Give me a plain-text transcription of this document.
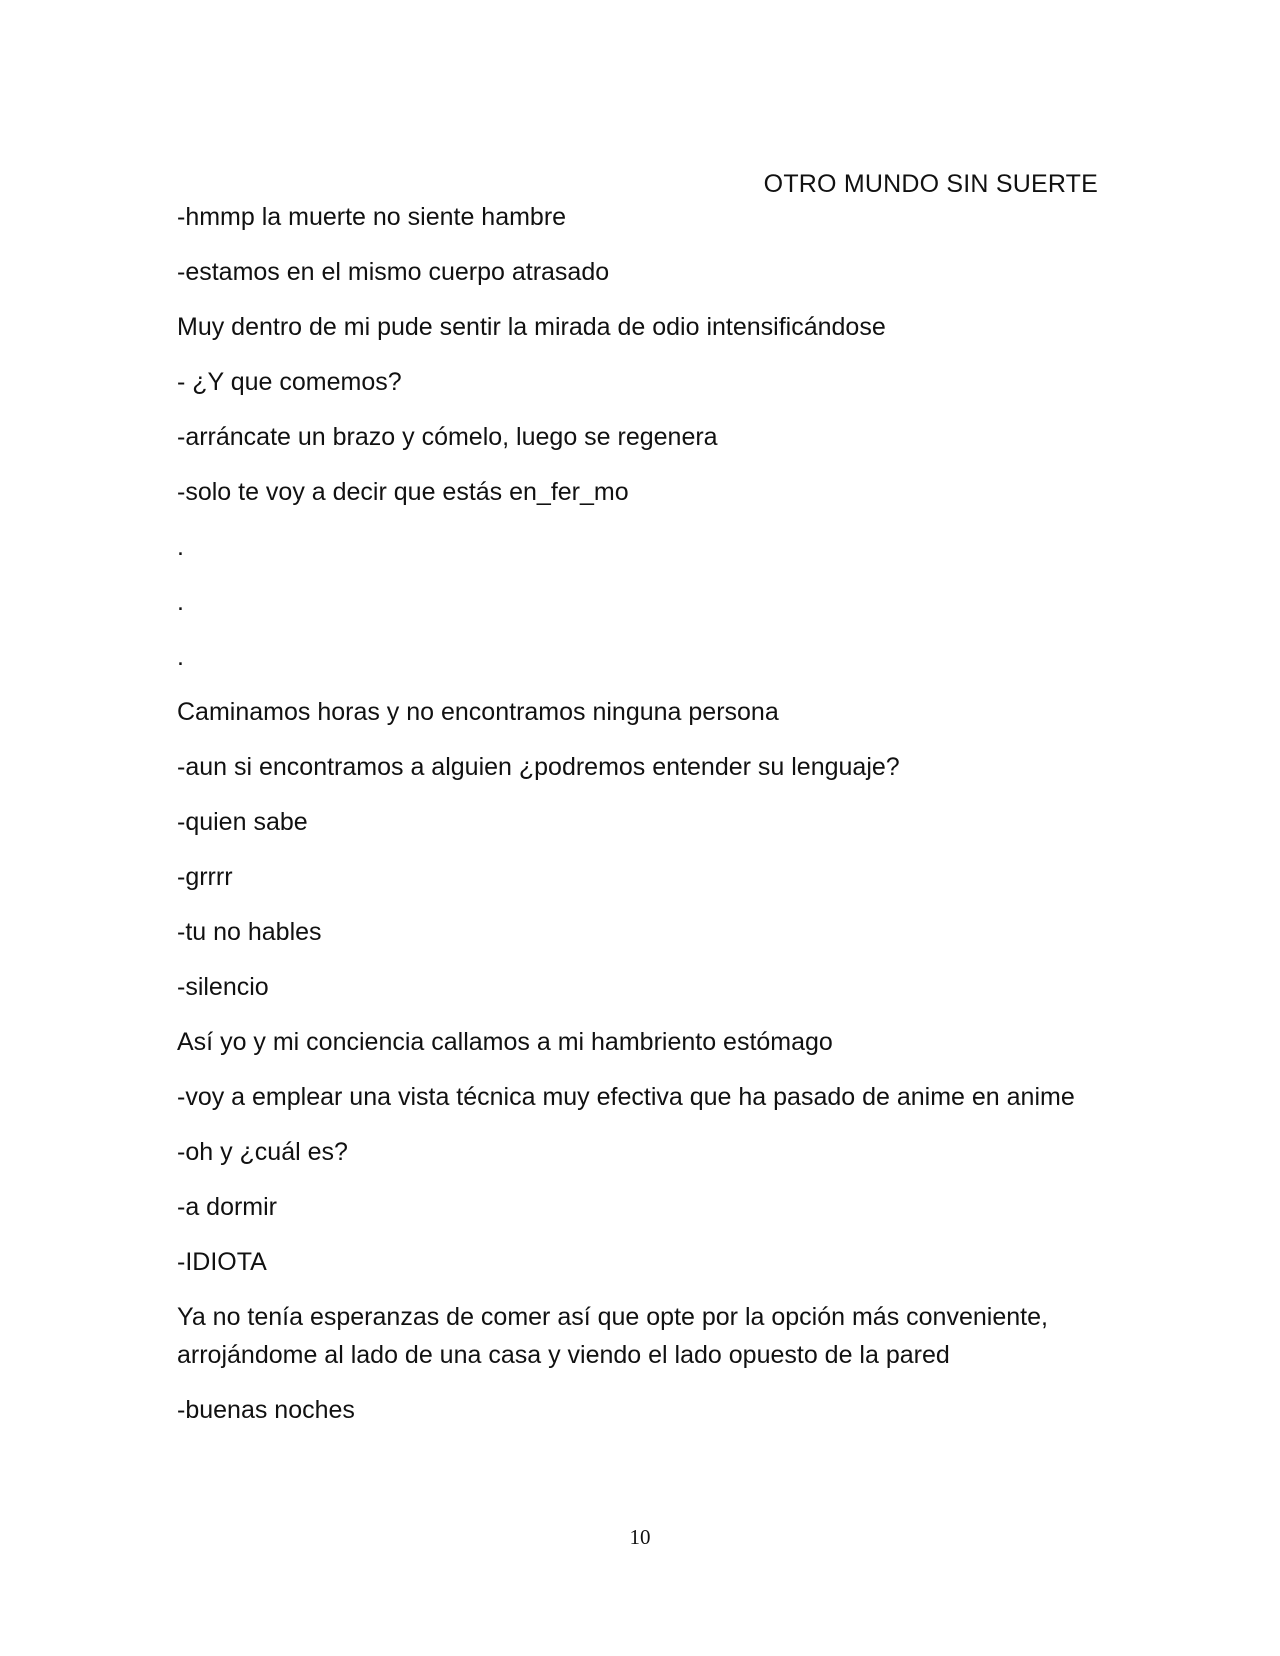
OTRO MUNDO SIN SUERTE

-hmmp la muerte no siente hambre

-estamos en el mismo cuerpo atrasado

Muy dentro de mi pude sentir la mirada de odio intensificándose

- ¿Y que comemos?

-arráncate un brazo y cómelo, luego se regenera

-solo te voy a decir que estás en_fer_mo

.

.

.

Caminamos horas y no encontramos ninguna persona

-aun si encontramos a alguien ¿podremos entender su lenguaje?

-quien sabe

-grrrr

-tu no hables

-silencio

Así yo y mi conciencia callamos a mi hambriento estómago

-voy a emplear una vista técnica muy efectiva que ha pasado de anime en anime

-oh y ¿cuál es?

-a dormir

-IDIOTA

Ya no tenía esperanzas de comer así que opte por la opción más conveniente, arrojándome al lado de una casa y viendo el lado opuesto de la pared

-buenas noches

10
